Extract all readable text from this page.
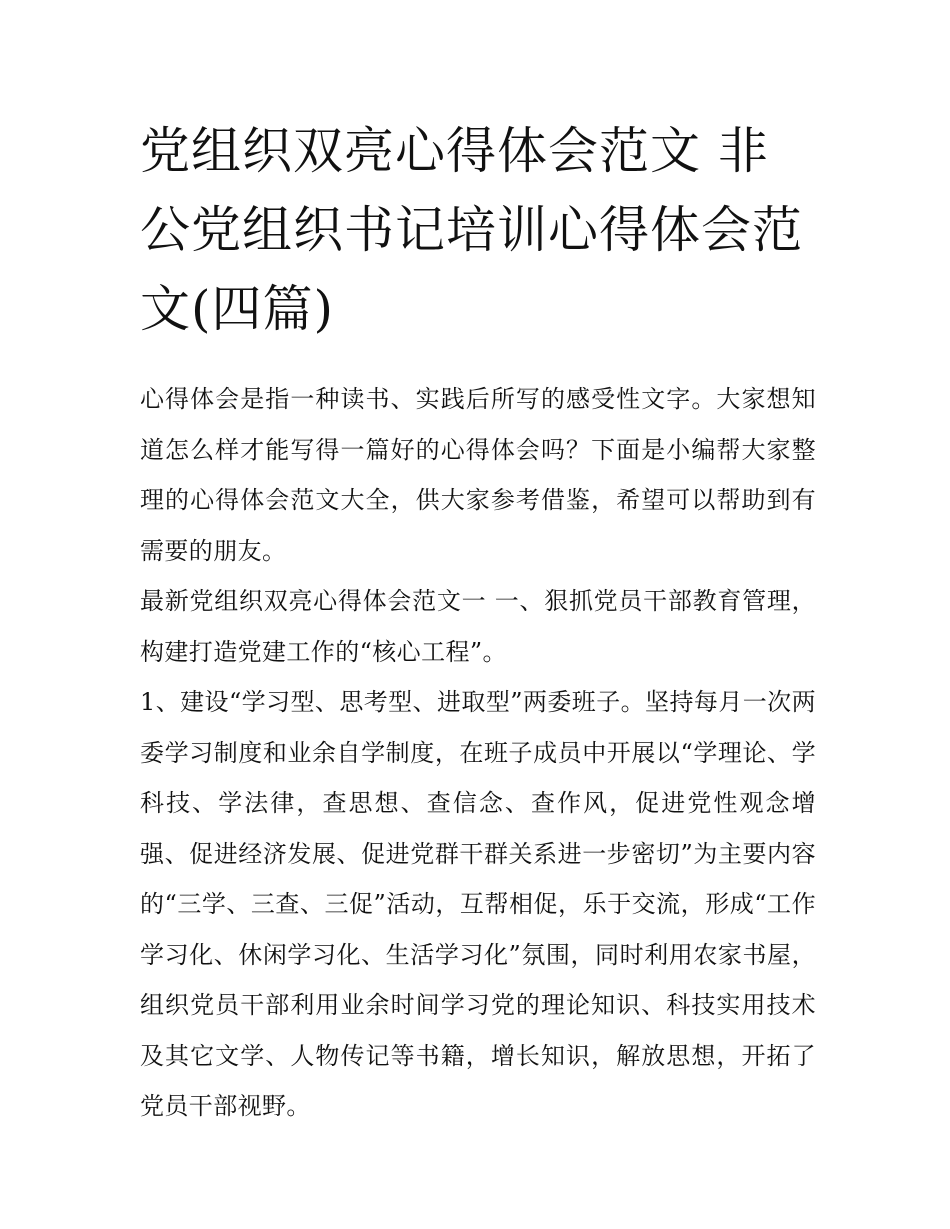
党组织双亮心得体会范文 非公党组织书记培训心得体会范文(四篇)

心得体会是指一种读书、实践后所写的感受性文字。大家想知道怎么样才能写得一篇好的心得体会吗？下面是小编帮大家整理的心得体会范文大全，供大家参考借鉴，希望可以帮助到有需要的朋友。

最新党组织双亮心得体会范文一 一、狠抓党员干部教育管理，构建打造党建工作的“核心工程”。

1、建设“学习型、思考型、进取型”两委班子。坚持每月一次两委学习制度和业余自学制度，在班子成员中开展以“学理论、学科技、学法律，查思想、查信念、查作风，促进党性观念增强、促进经济发展、促进党群干群关系进一步密切”为主要内容的“三学、三查、三促”活动，互帮相促，乐于交流，形成“工作学习化、休闲学习化、生活学习化”氛围，同时利用农家书屋，组织党员干部利用业余时间学习党的理论知识、科技实用技术及其它文学、人物传记等书籍，增长知识，解放思想，开拓了党员干部视野。
